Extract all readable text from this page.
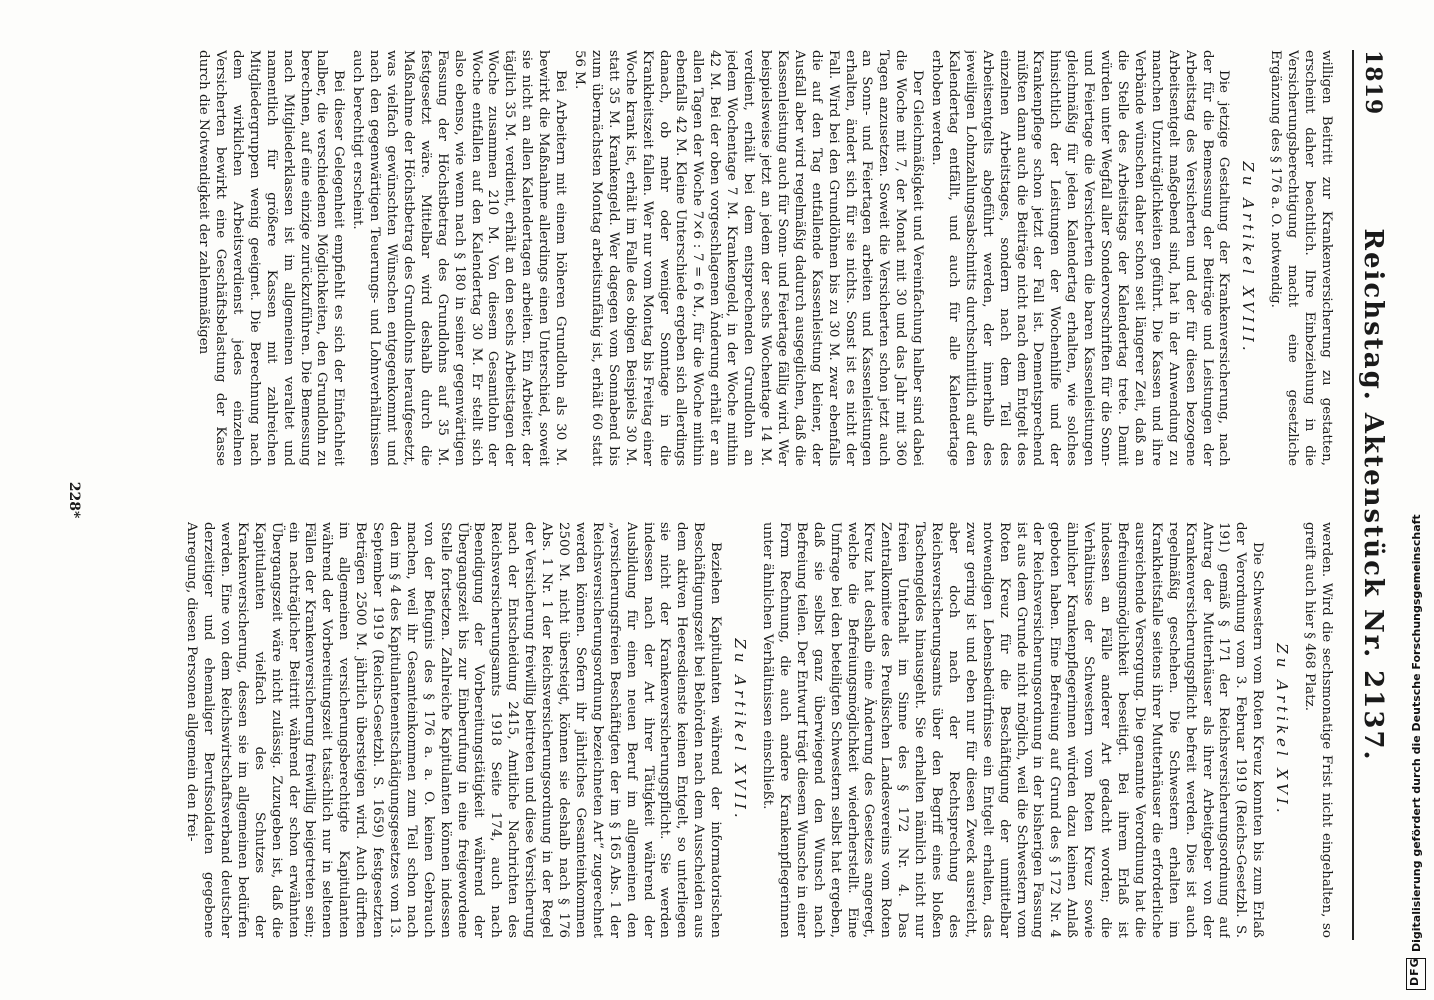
1819
Reichstag. Aktenstück Nr. 2137.

willigen Beitritt zur Krankenversicherung zu gestatten, erscheint daher beachtlich. Ihre Einbeziehung in die Versicherungsberechtigung macht eine gesetzliche Ergänzung des § 176 a. O. notwendig.

Zu Artikel XVIII.

Die jetzige Gestaltung der Krankenversicherung, nach der für die Bemessung der Beiträge und Leistungen der Arbeitstag des Versicherten und der für diesen bezogene Arbeitsentgelt maßgebend sind, hat in der Anwendung zu manchen Unzuträglichkeiten geführt. Die Kassen und ihre Verbände wünschen daher schon seit längerer Zeit, daß an die Stelle des Arbeitstags der Kalendertag trete. Damit würden unter Wegfall aller Sondervorschriften für die Sonn- und Feiertage die Versicherten die baren Kassenleistungen gleichmäßig für jeden Kalendertag erhalten, wie solches hinsichtlich der Leistungen der Wochenhilfe und der Krankenpflege schon jetzt der Fall ist. Dementsprechend müßten dann auch die Beiträge nicht nach dem Entgelt des einzelnen Arbeitstages, sondern nach dem Teil des Arbeitsentgelts abgeführt werden, der innerhalb des jeweiligen Lohnzahlungsabschnitts durchschnittlich auf den Kalendertag entfällt, und auch für alle Kalendertage erhoben werden.

Der Gleichmäßigkeit und Vereinfachung halber sind dabei die Woche mit 7, der Monat mit 30 und das Jahr mit 360 Tagen anzusetzen. Soweit die Versicherten schon jetzt auch an Sonn- und Feiertagen arbeiten und Kassenleistungen erhalten, ändert sich für sie nichts. Sonst ist es nicht der Fall. Wird bei den Grundlöhnen bis zu 30 M. zwar ebenfalls die auf den Tag entfallende Kassenleistung kleiner, der Ausfall aber wird regelmäßig dadurch ausgeglichen, daß die Kassenleistung auch für Sonn- und Feiertage fällig wird. Wer beispielsweise jetzt an jedem der sechs Wochentage 14 M. verdient, erhält bei dem entsprechenden Grundlohn an jedem Wochentage 7 M. Krankengeld, in der Woche mithin 42 M. Bei der oben vorgeschlagenen Änderung erhält er an allen Tagen der Woche 7×6 : 7 = 6 M., für die Woche mithin ebenfalls 42 M. Kleine Unterschiede ergeben sich allerdings danach, ob mehr oder weniger Sonntage in die Krankheitszeit fallen. Wer nur vom Montag bis Freitag einer Woche krank ist, erhält im Falle des obigen Beispiels 30 M. statt 35 M. Krankengeld. Wer dagegen vom Sonnabend bis zum übernächsten Montag arbeitsunfähig ist, erhält 60 statt 56 M.

Bei Arbeitern mit einem höheren Grundlohn als 30 M. bewirkt die Maßnahme allerdings einen Unterschied, soweit sie nicht an allen Kalendertagen arbeiten. Ein Arbeiter, der täglich 35 M. verdient, erhält an den sechs Arbeitstagen der Woche zusammen 210 M. Von diesem Gesamtlohn der Woche entfallen auf den Kalendertag 30 M. Er stellt sich also ebenso, wie wenn nach § 180 in seiner gegenwärtigen Fassung der Höchstbetrag des Grundlohns auf 35 M. festgesetzt wäre. Mittelbar wird deshalb durch die Maßnahme der Höchstbetrag des Grundlohns heraufgesetzt, was vielfach gewünschten Wünschen entgegenkommt und nach den gegenwärtigen Teuerungs- und Lohnverhältnissen auch berechtigt erscheint.

Bei dieser Gelegenheit empfiehlt es sich der Einfachheit halber, die verschiedenen Möglichkeiten, den Grundlohn zu berechnen, auf eine einzige zurückzuführen. Die Bemessung nach Mitgliederklassen ist im allgemeinen veraltet und namentlich für größere Kassen mit zahlreichen Mitgliedergruppen wenig geeignet. Die Berechnung nach dem wirklichen Arbeitsverdienst jedes einzelnen Versicherten bewirkt eine Geschäftsbelastung der Kasse durch die Notwendigkeit der zahlenmäßigen

werden. Wird die sechsmonatige Frist nicht eingehalten, so greift auch hier § 468 Platz.

Zu Artikel XVI.

Die Schwestern vom Roten Kreuz konnten bis zum Erlaß der Verordnung vom 3. Februar 1919 (Reichs-Gesetzbl. S. 191) gemäß § 171 der Reichsversicherungsordnung auf Antrag der Mutterhäuser als ihrer Arbeitgeber von der Krankenversicherungspflicht befreit werden. Dies ist auch regelmäßig geschehen. Die Schwestern erhalten im Krankheitsfalle seitens ihrer Mutterhäuser die erforderliche ausreichende Versorgung. Die genannte Verordnung hat die Befreiungsmöglichkeit beseitigt. Bei ihrem Erlaß ist indessen an Fälle anderer Art gedacht worden; die Verhältnisse der Schwestern vom Roten Kreuz sowie ähnlicher Krankenpflegerinnen würden dazu keinen Anlaß geboten haben. Eine Befreiung auf Grund des § 172 Nr. 4 der Reichsversicherungsordnung in der bisherigen Fassung ist aus dem Grunde nicht möglich, weil die Schwestern vom Roten Kreuz für die Beschäftigung der unmittelbar notwendigen Lebensbedürfnisse ein Entgelt erhalten, das zwar gering ist und eben nur für diesen Zweck ausreicht, aber doch nach der Rechtsprechung des Reichsversicherungsamts über den Begriff eines bloßen Taschengeldes hinausgeht. Sie erhalten nämlich nicht nur freien Unterhalt im Sinne des § 172 Nr. 4. Das Zentralkomitee des Preußischen Landesvereins vom Roten Kreuz hat deshalb eine Änderung des Gesetzes angeregt, welche die Befreiungsmöglichkeit wiederherstellt. Eine Umfrage bei den beteiligten Schwestern selbst hat ergeben, daß sie selbst ganz überwiegend den Wunsch nach Befreiung teilen. Der Entwurf trägt diesem Wunsche in einer Form Rechnung, die auch andere Krankenpflegerinnen unter ähnlichen Verhältnissen einschließt.

Zu Artikel XVII.

Beziehen Kapitulanten während der informatorischen Beschäftigungszeit bei Behörden nach dem Ausscheiden aus dem aktiven Heeresdienste keinen Entgelt, so unterliegen sie nicht der Krankenversicherungspflicht. Sie werden indessen nach der Art ihrer Tätigkeit während der Ausbildung für einen neuen Beruf im allgemeinen den „versicherungsfreien Beschäftigten der im § 165 Abs. 1 der Reichsversicherungsordnung bezeichneten Art“ zugerechnet werden können. Sofern ihr jährliches Gesamteinkommen 2500 M. nicht übersteigt, können sie deshalb nach § 176 Abs. 1 Nr. 1 der Reichsversicherungsordnung in der Regel der Versicherung freiwillig beitreten und diese Versicherung nach der Entscheidung 2415, Amtliche Nachrichten des Reichsversicherungsamts 1918 Seite 174, auch nach Beendigung der Vorbereitungstätigkeit während der Übergangszeit bis zur Einberufung in eine freigewordene Stelle fortsetzen. Zahlreiche Kapitulanten können indessen von der Befugnis des § 176 a. a. O. keinen Gebrauch machen, weil ihr Gesamteinkommen zum Teil schon nach den im § 4 des Kapitulantenentschädigungsgesetzes vom 13. September 1919 (Reichs-Gesetzbl. S. 1659) festgesetzten Beträgen 2500 M. jährlich übersteigen wird. Auch dürften im allgemeinen versicherungsberechtigte Kapitulanten während der Vorbereitungszeit tatsächlich nur in seltenen Fällen der Krankenversicherung freiwillig beigetreten sein; ein nachträglicher Beitritt während der schon erwähnten Übergangszeit wäre nicht zulässig. Zuzugeben ist, daß die Kapitulanten vielfach des Schutzes der Krankenversicherung, dessen sie im allgemeinen bedürfen werden. Eine von dem Reichswirtschaftsverband deutscher derzeitiger und ehemaliger Berufssoldaten gegebene Anregung, diesen Personen allgemein den frei-

228*
DFG
Digitalisierung gefördert durch die Deutsche Forschungsgemeinschaft
